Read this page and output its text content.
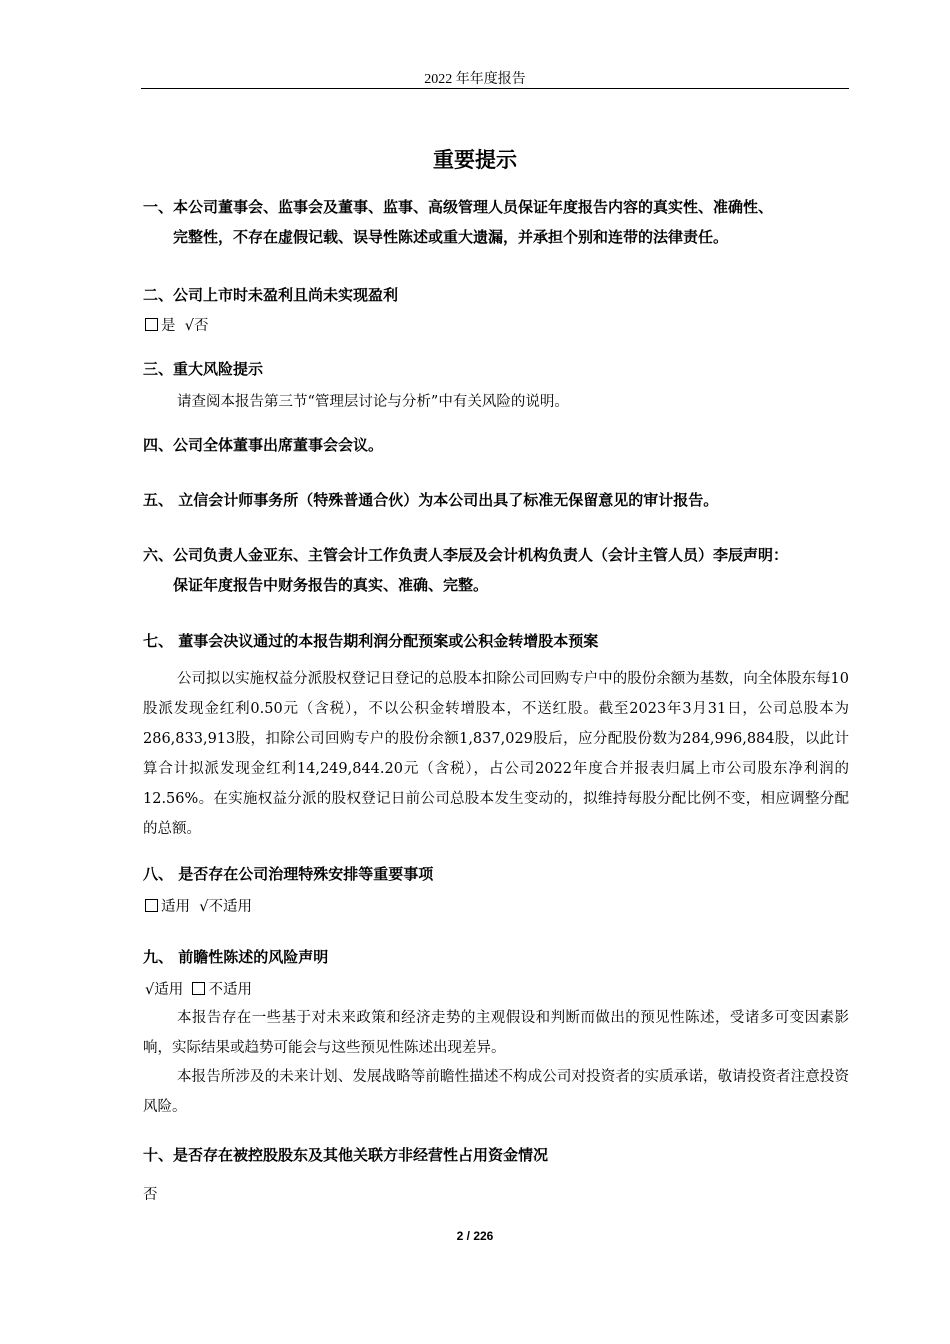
2022 年年度报告
重要提示
一、本公司董事会、监事会及董事、监事、高级管理人员保证年度报告内容的真实性、准确性、
完整性，不存在虚假记载、误导性陈述或重大遗漏，并承担个别和连带的法律责任。
二、公司上市时未盈利且尚未实现盈利
是 √否
三、重大风险提示
请查阅本报告第三节“管理层讨论与分析”中有关风险的说明。
四、公司全体董事出席董事会会议。
五、 立信会计师事务所（特殊普通合伙）为本公司出具了标准无保留意见的审计报告。
六、公司负责人金亚东、主管会计工作负责人李辰及会计机构负责人（会计主管人员）李辰声明：
保证年度报告中财务报告的真实、准确、完整。
七、 董事会决议通过的本报告期利润分配预案或公积金转增股本预案
公司拟以实施权益分派股权登记日登记的总股本扣除公司回购专户中的股份余额为基数，向全体股东每10股派发现金红利0.50元（含税），不以公积金转增股本，不送红股。截至2023年3月31日，公司总股本为286,833,913股，扣除公司回购专户的股份余额1,837,029股后，应分配股份数为284,996,884股，以此计算合计拟派发现金红利14,249,844.20元（含税），占公司2022年度合并报表归属上市公司股东净利润的12.56%。在实施权益分派的股权登记日前公司总股本发生变动的，拟维持每股分配比例不变，相应调整分配的总额。
八、 是否存在公司治理特殊安排等重要事项
适用 √不适用
九、 前瞻性陈述的风险声明
√适用 不适用
本报告存在一些基于对未来政策和经济走势的主观假设和判断而做出的预见性陈述，受诸多可变因素影响，实际结果或趋势可能会与这些预见性陈述出现差异。
本报告所涉及的未来计划、发展战略等前瞻性描述不构成公司对投资者的实质承诺，敬请投资者注意投资风险。
十、是否存在被控股股东及其他关联方非经营性占用资金情况
否
2 / 226
